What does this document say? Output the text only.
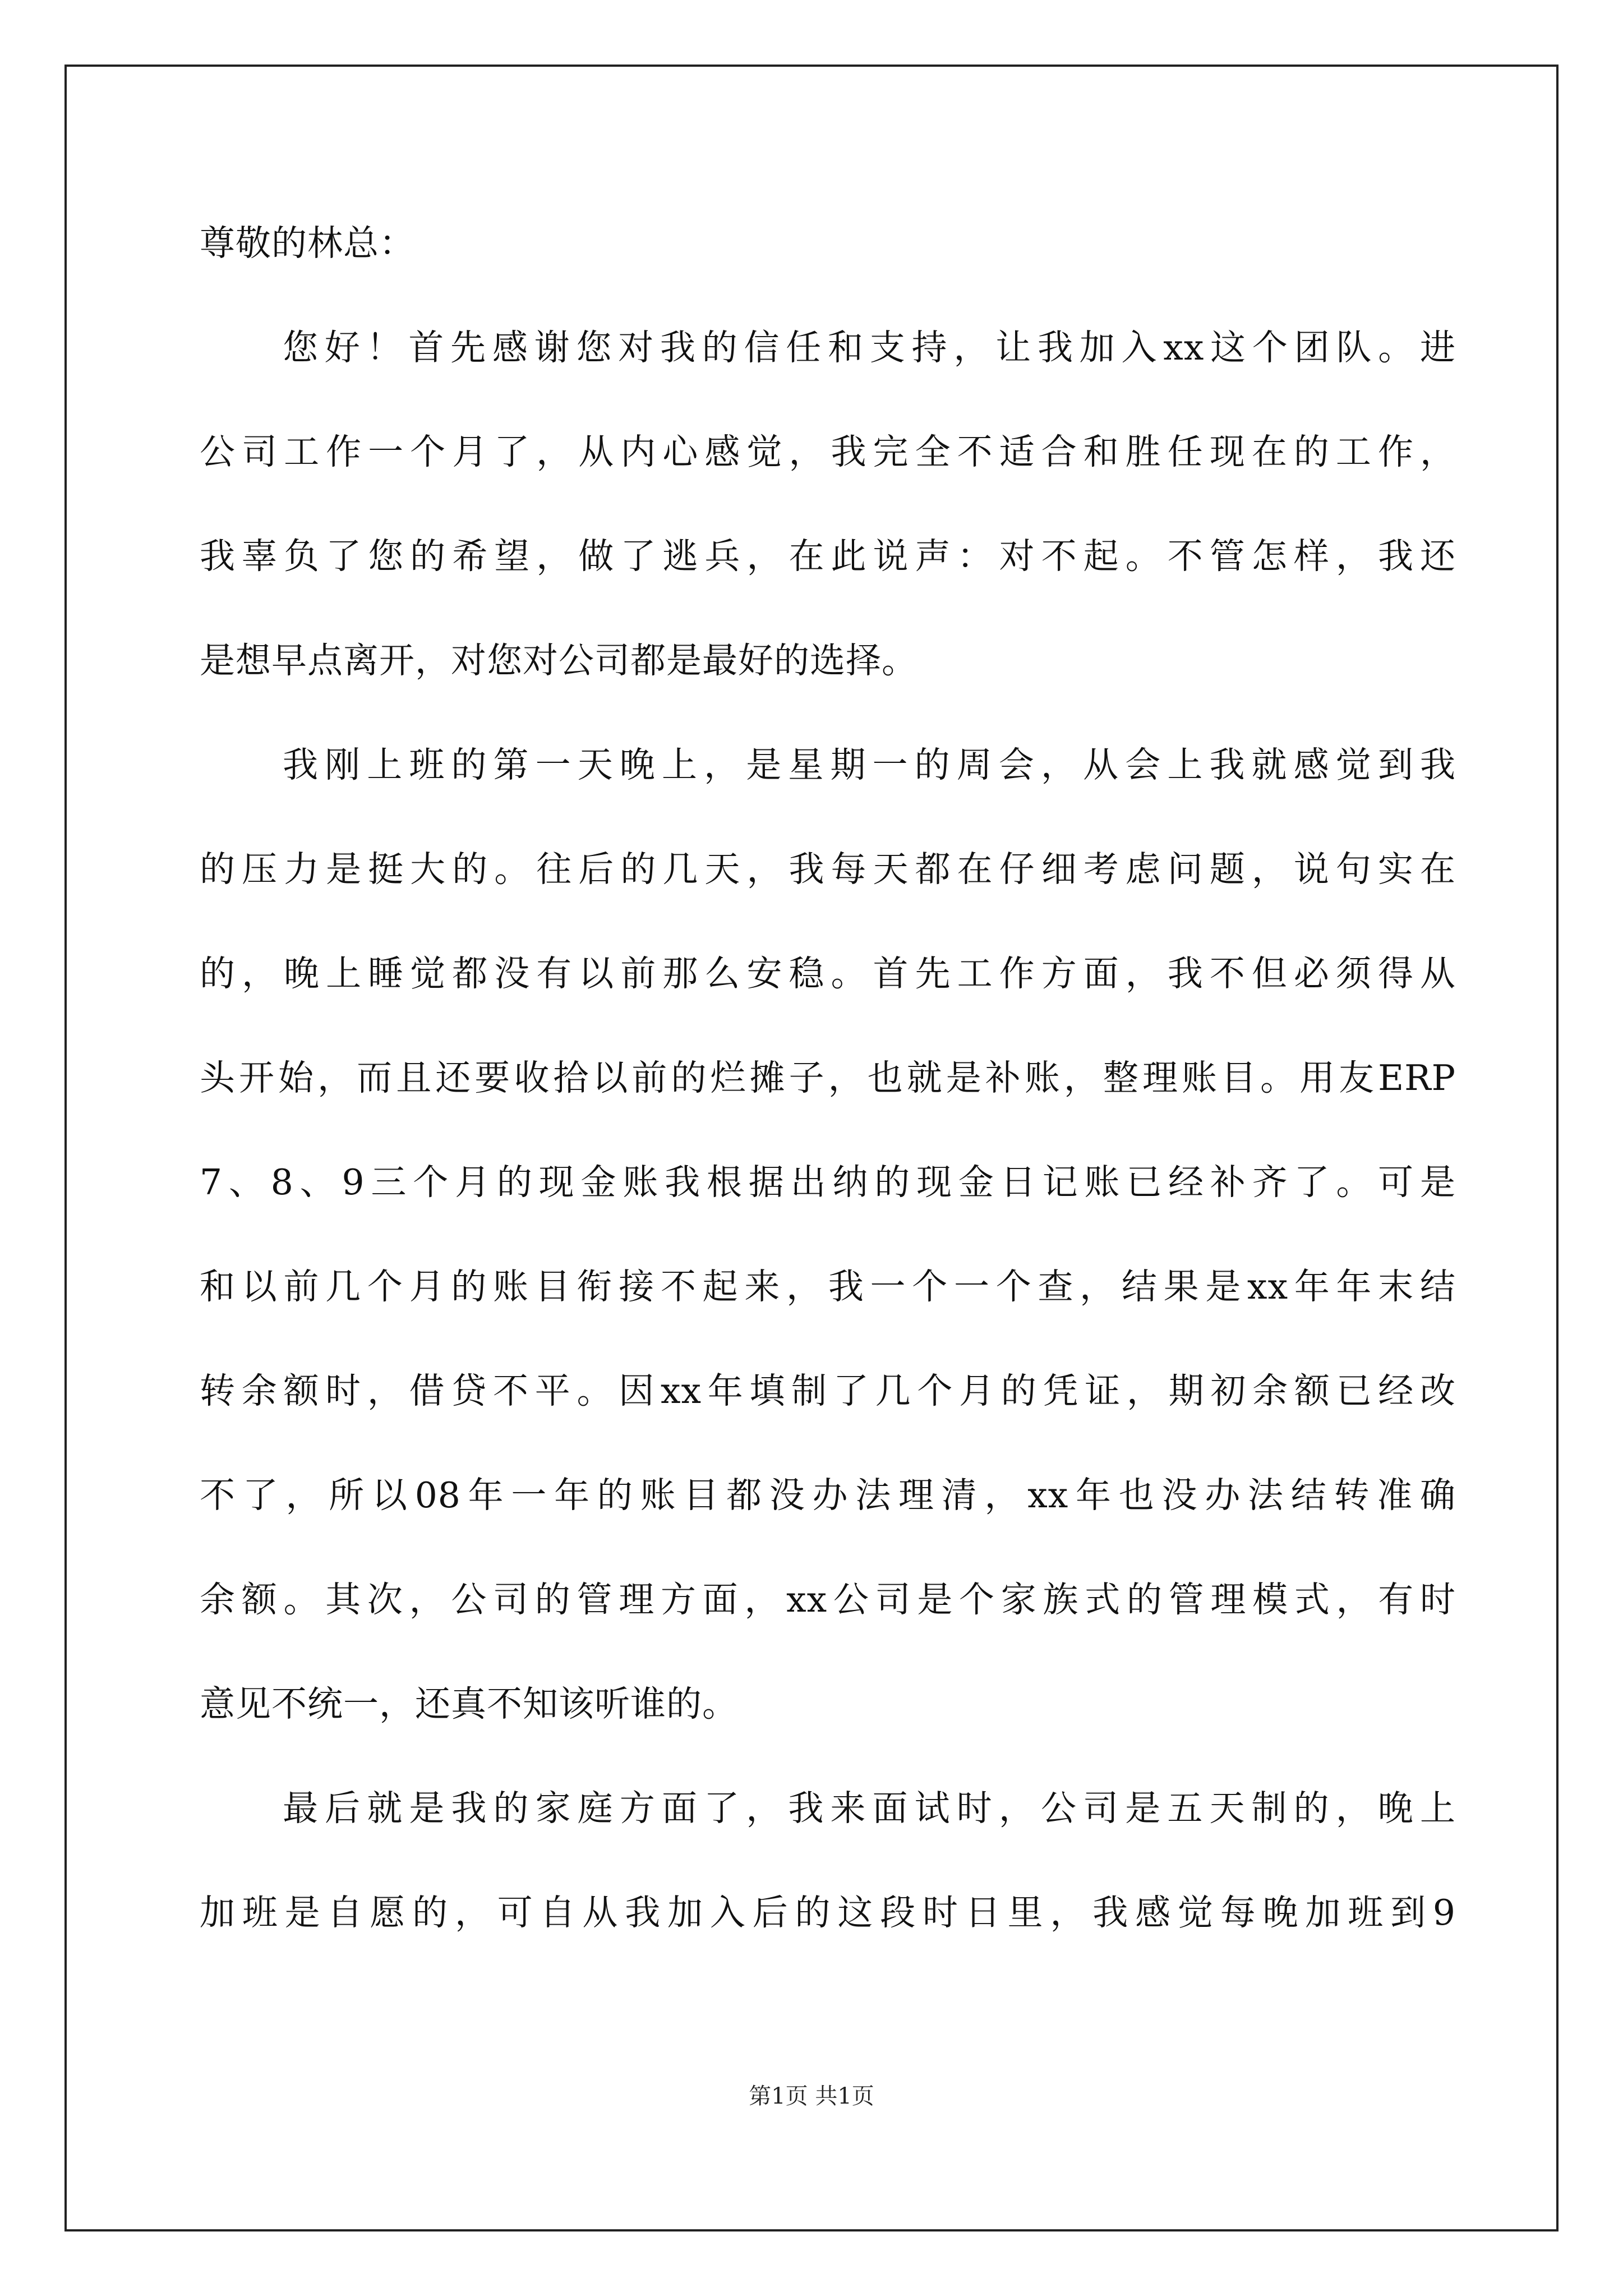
尊敬的林总：
您好！首先感谢您对我的信任和支持，让我加入xx这个团队。进
公司工作一个月了，从内心感觉，我完全不适合和胜任现在的工作，
我辜负了您的希望，做了逃兵，在此说声：对不起。不管怎样，我还
是想早点离开，对您对公司都是最好的选择。
我刚上班的第一天晚上，是星期一的周会，从会上我就感觉到我
的压力是挺大的。往后的几天，我每天都在仔细考虑问题，说句实在
的，晚上睡觉都没有以前那么安稳。首先工作方面，我不但必须得从
头开始，而且还要收拾以前的烂摊子，也就是补账，整理账目。用友ERP
7、8、9三个月的现金账我根据出纳的现金日记账已经补齐了。可是
和以前几个月的账目衔接不起来，我一个一个查，结果是xx年年末结
转余额时，借贷不平。因xx年填制了几个月的凭证，期初余额已经改
不了，所以08年一年的账目都没办法理清，xx年也没办法结转准确
余额。其次，公司的管理方面，xx公司是个家族式的管理模式，有时
意见不统一，还真不知该听谁的。
最后就是我的家庭方面了，我来面试时，公司是五天制的，晚上
加班是自愿的，可自从我加入后的这段时日里，我感觉每晚加班到9
第1页 共1页
